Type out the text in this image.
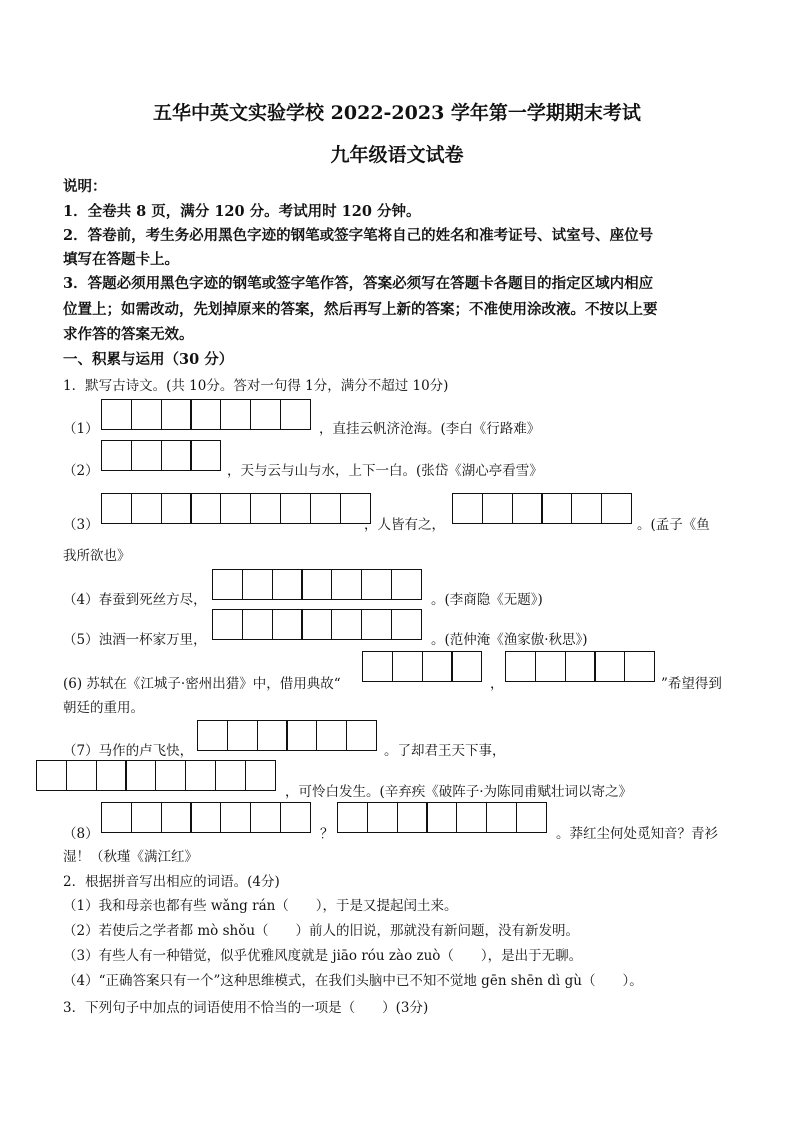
五华中英文实验学校 2022-2023 学年第一学期期末考试
九年级语文试卷
说明：
1．全卷共 8 页，满分 120 分。考试用时 120 分钟。
2．答卷前，考生务必用黑色字迹的钢笔或签字笔将自己的姓名和准考证号、试室号、座位号
填写在答题卡上。
3．答题必须用黑色字迹的钢笔或签字笔作答，答案必须写在答题卡各题目的指定区域内相应
位置上；如需改动，先划掉原来的答案，然后再写上新的答案；不准使用涂改液。不按以上要
求作答的答案无效。
一、积累与运用（30 分）
1．默写古诗文。(共 10分。答对一句得 1分，满分不超过 10分)
（1）	，直挂云帆济沧海。(李白《行路难》
（2）	，天与云与山与水，上下一白。(张岱《湖心亭看雪》
（3）	，人皆有之，	。(孟子《鱼
我所欲也》
（4）春蚕到死丝方尽，	。(李商隐《无题》)
（5）浊酒一杯家万里，	。(范仲淹《渔家傲·秋思》)
(6) 苏轼在《江城子·密州出猎》中，借用典故“	，	”希望得到
朝廷的重用。
（7）马作的卢飞快，	。了却君王天下事，
，可怜白发生。(辛弃疾《破阵子·为陈同甫赋壮词以寄之》
（8）	？	。莽红尘何处觅知音？青衫
湿！（秋瑾《满江红》
2．根据拼音写出相应的词语。(4分)
（1）我和母亲也都有些 wǎng rán（　　），于是又提起闰土来。
（2）若使后之学者都 mò shǒu（　　）前人的旧说，那就没有新问题，没有新发明。
（3）有些人有一种错觉，似乎优雅风度就是 jiāo róu zào zuò（　　），是出于无聊。
（4）“正确答案只有一个”这种思维模式，在我们头脑中已不知不觉地 gēn shēn dì gù（　　）。
3．下列句子中加点的词语使用不恰当的一项是（　　）(3分)
